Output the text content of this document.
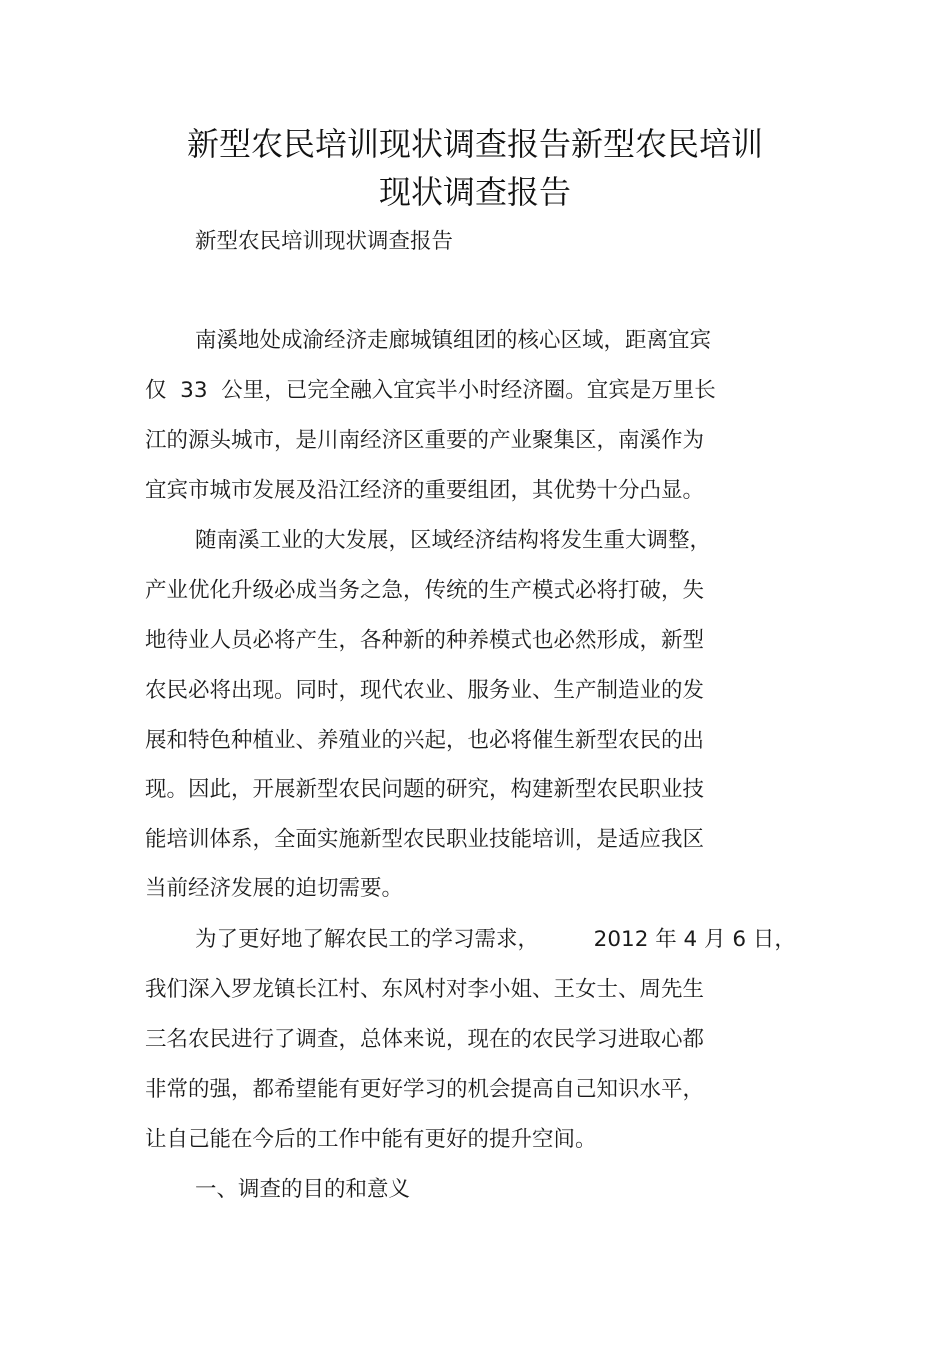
新型农民培训现状调查报告新型农民培训
现状调查报告
新型农民培训现状调查报告
南溪地处成渝经济走廊城镇组团的核心区域，距离宜宾
仅  33  公里，已完全融入宜宾半小时经济圈。宜宾是万里长
江的源头城市，是川南经济区重要的产业聚集区，南溪作为
宜宾市城市发展及沿江经济的重要组团，其优势十分凸显。
随南溪工业的大发展，区域经济结构将发生重大调整，
产业优化升级必成当务之急，传统的生产模式必将打破，失
地待业人员必将产生，各种新的种养模式也必然形成，新型
农民必将出现。同时，现代农业、服务业、生产制造业的发
展和特色种植业、养殖业的兴起，也必将催生新型农民的出
现。因此，开展新型农民问题的研究，构建新型农民职业技
能培训体系，全面实施新型农民职业技能培训，是适应我区
当前经济发展的迫切需要。
为了更好地了解农民工的学习需求，        2012 年 4 月 6 日，
我们深入罗龙镇长江村、东风村对李小姐、王女士、周先生
三名农民进行了调查，总体来说，现在的农民学习进取心都
非常的强，都希望能有更好学习的机会提高自己知识水平，
让自己能在今后的工作中能有更好的提升空间。
一、调查的目的和意义
